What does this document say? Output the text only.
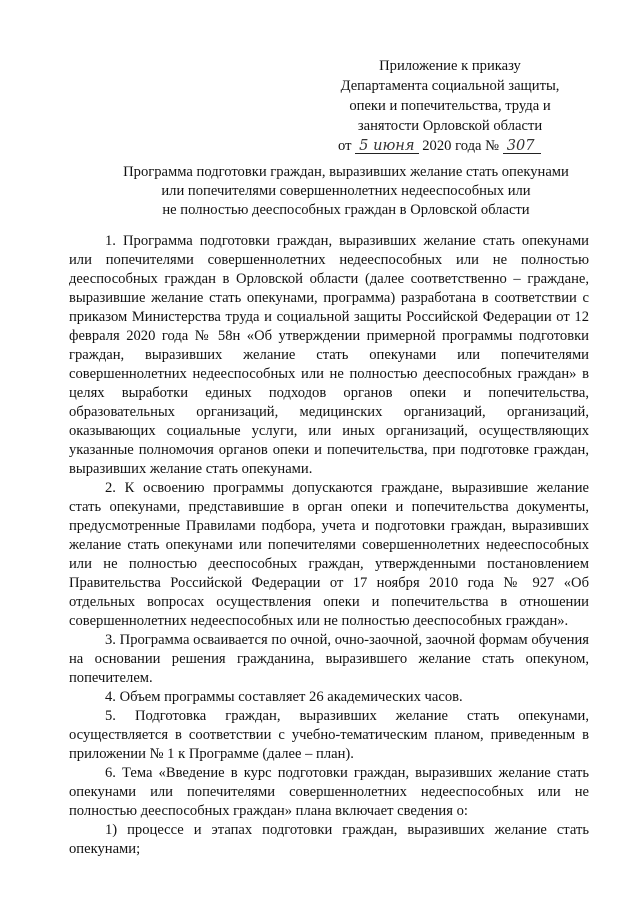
Приложение к приказу
Департамента социальной защиты,
опеки и попечительства, труда и
занятости Орловской области
от 5 июня 2020 года № 307
Программа подготовки граждан, выразивших желание стать опекунами
или попечителями совершеннолетних недееспособных или
не полностью дееспособных граждан в Орловской области

1. Программа подготовки граждан, выразивших желание стать опекунами или попечителями совершеннолетних недееспособных или не полностью дееспособных граждан в Орловской области (далее соответственно – граждане, выразившие желание стать опекунами, программа) разработана в соответствии с приказом Министерства труда и социальной защиты Российской Федерации от 12 февраля 2020 года № 58н «Об утверждении примерной программы подготовки граждан, выразивших желание стать опекунами или попечителями совершеннолетних недееспособных или не полностью дееспособных граждан» в целях выработки единых подходов органов опеки и попечительства, образовательных организаций, медицинских организаций, организаций, оказывающих социальные услуги, или иных организаций, осуществляющих указанные полномочия органов опеки и попечительства, при подготовке граждан, выразивших желание стать опекунами.

2. К освоению программы допускаются граждане, выразившие желание стать опекунами, представившие в орган опеки и попечительства документы, предусмотренные Правилами подбора, учета и подготовки граждан, выразивших желание стать опекунами или попечителями совершеннолетних недееспособных или не полностью дееспособных граждан, утвержденными постановлением Правительства Российской Федерации от 17 ноября 2010 года № 927 «Об отдельных вопросах осуществления опеки и попечительства в отношении совершеннолетних недееспособных или не полностью дееспособных граждан».

3. Программа осваивается по очной, очно-заочной, заочной формам обучения на основании решения гражданина, выразившего желание стать опекуном, попечителем.

4. Объем программы составляет 26 академических часов.

5. Подготовка граждан, выразивших желание стать опекунами, осуществляется в соответствии с учебно-тематическим планом, приведенным в приложении № 1 к Программе (далее – план).

6. Тема «Введение в курс подготовки граждан, выразивших желание стать опекунами или попечителями совершеннолетних недееспособных или не полностью дееспособных граждан» плана включает сведения о:

1) процессе и этапах подготовки граждан, выразивших желание стать опекунами;
